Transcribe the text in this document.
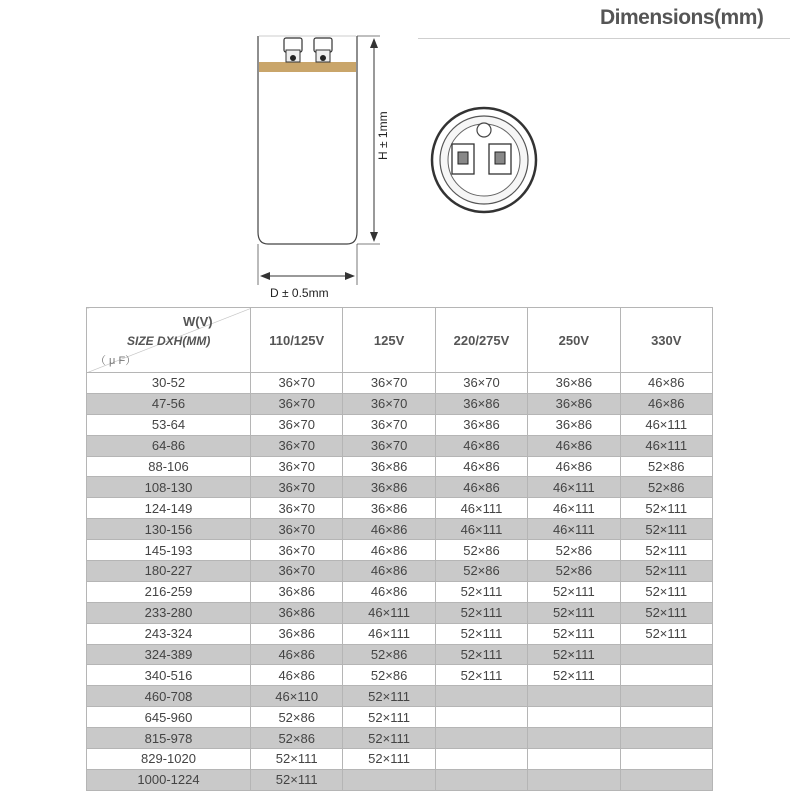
Dimensions(mm)
D ± 0.5mm
H ± 1mm
W(V)
SIZE DXH(MM)
（ μ F）	110/125V	125V	220/275V	250V	330V
30-52	36×70	36×70	36×70	36×86	46×86
47-56	36×70	36×70	36×86	36×86	46×86
53-64	36×70	36×70	36×86	36×86	46×111
64-86	36×70	36×70	46×86	46×86	46×111
88-106	36×70	36×86	46×86	46×86	52×86
108-130	36×70	36×86	46×86	46×111	52×86
124-149	36×70	36×86	46×111	46×111	52×111
130-156	36×70	46×86	46×111	46×111	52×111
145-193	36×70	46×86	52×86	52×86	52×111
180-227	36×70	46×86	52×86	52×86	52×111
216-259	36×86	46×86	52×111	52×111	52×111
233-280	36×86	46×111	52×111	52×111	52×111
243-324	36×86	46×111	52×111	52×111	52×111
324-389	46×86	52×86	52×111	52×111	
340-516	46×86	52×86	52×111	52×111	
460-708	46×110	52×111			
645-960	52×86	52×111			
815-978	52×86	52×111			
829-1020	52×111	52×111			
1000-1224	52×111				
